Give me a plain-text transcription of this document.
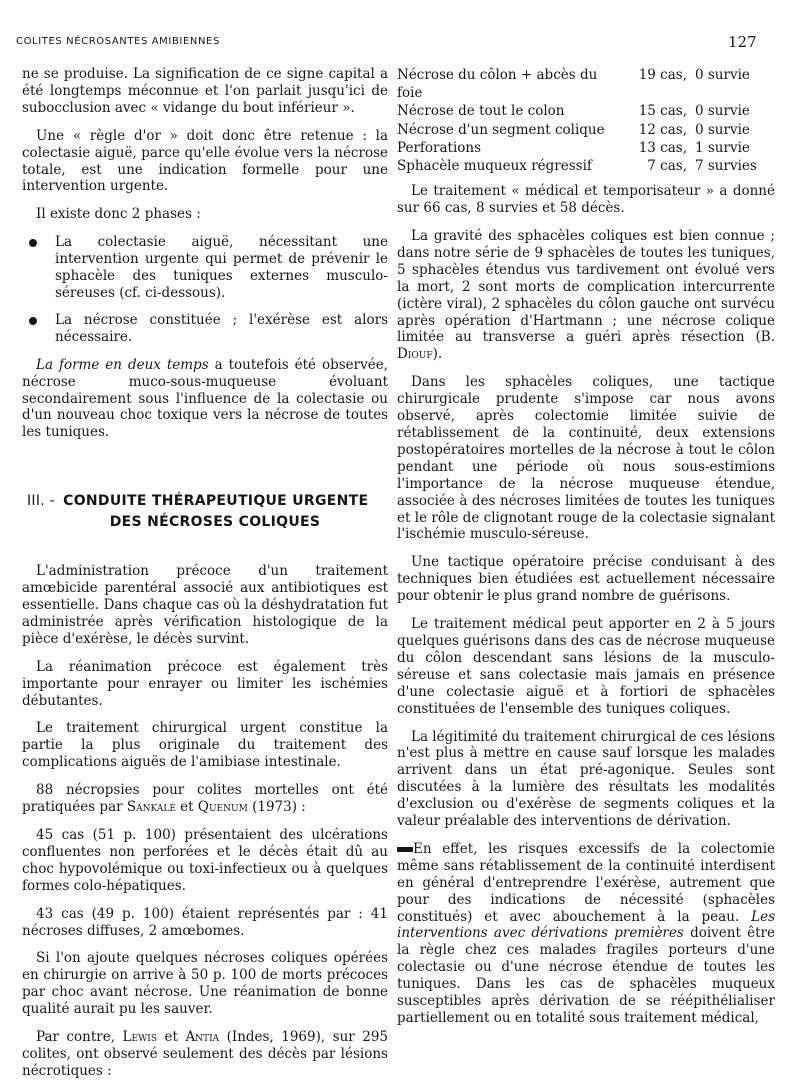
COLITES NÉCROSANTES AMIBIENNES	127

ne se produise. La signification de ce signe capital a été longtemps méconnue et l'on parlait jusqu'ici de subocclusion avec « vidange du bout inférieur ».

Une « règle d'or » doit donc être retenue : la colectasie aiguë, parce qu'elle évolue vers la nécrose totale, est une indication formelle pour une intervention urgente.

Il existe donc 2 phases :

La colectasie aiguë, nécessitant une intervention urgente qui permet de prévenir le sphacèle des tuniques externes musculo-séreuses (cf. ci-dessous).
La nécrose constituée ; l'exérèse est alors nécessaire.

La forme en deux temps a toutefois été observée, nécrose muco-sous-muqueuse évoluant secondairement sous l'influence de la colectasie ou d'un nouveau choc toxique vers la nécrose de toutes les tuniques.

III. - CONDUITE THÉRAPEUTIQUE URGENTE
DES NÉCROSES COLIQUES

L'administration précoce d'un traitement amœbicide parentéral associé aux antibiotiques est essentielle. Dans chaque cas où la déshydratation fut administrée après vérification histologique de la pièce d'exérèse, le décès survint.

La réanimation précoce est également très importante pour enrayer ou limiter les ischémies débutantes.

Le traitement chirurgical urgent constitue la partie la plus originale du traitement des complications aiguës de l'amibiase intestinale.

88 nécropsies pour colites mortelles ont été pratiquées par Sankalé et Quenum (1973) :

45 cas (51 p. 100) présentaient des ulcérations confluentes non perforées et le décès était dû au choc hypovolémique ou toxi-infectieux ou à quelques formes colo-hépatiques.

43 cas (49 p. 100) étaient représentés par : 41 nécroses diffuses, 2 amœbomes.

Si l'on ajoute quelques nécroses coliques opérées en chirurgie on arrive à 50 p. 100 de morts précoces par choc avant nécrose. Une réanimation de bonne qualité aurait pu les sauver.

Par contre, Lewis et Antia (Indes, 1969), sur 295 colites, ont observé seulement des décès par lésions nécrotiques :

Nécrose du côlon + abcès du foie	19 cas,	0 survie
Nécrose de tout le colon	15 cas,	0 survie
Nécrose d'un segment colique	12 cas,	0 survie
Perforations	13 cas,	1 survie
Sphacèle muqueux régressif	7 cas,	7 survies

Le traitement « médical et temporisateur » a donné sur 66 cas, 8 survies et 58 décès.

La gravité des sphacèles coliques est bien connue ; dans notre série de 9 sphacèles de toutes les tuniques, 5 sphacèles étendus vus tardivement ont évolué vers la mort, 2 sont morts de complication intercurrente (ictère viral), 2 sphacèles du côlon gauche ont survécu après opération d'Hartmann ; une nécrose colique limitée au transverse a guéri après résection (B. Diouf).

Dans les sphacèles coliques, une tactique chirurgicale prudente s'impose car nous avons observé, après colectomie limitée suivie de rétablissement de la continuité, deux extensions postopératoires mortelles de la nécrose à tout le côlon pendant une période où nous sous-estimions l'importance de la nécrose muqueuse étendue, associée à des nécroses limitées de toutes les tuniques et le rôle de clignotant rouge de la colectasie signalant l'ischémie musculo-séreuse.

Une tactique opératoire précise conduisant à des techniques bien étudiées est actuellement nécessaire pour obtenir le plus grand nombre de guérisons.

Le traitement médical peut apporter en 2 à 5 jours quelques guérisons dans des cas de nécrose muqueuse du côlon descendant sans lésions de la musculo-séreuse et sans colectasie mais jamais en présence d'une colectasie aiguë et à fortiori de sphacèles constituées de l'ensemble des tuniques coliques.

La légitimité du traitement chirurgical de ces lésions n'est plus à mettre en cause sauf lorsque les malades arrivent dans un état pré-agonique. Seules sont discutées à la lumière des résultats les modalités d'exclusion ou d'exérèse de segments coliques et la valeur préalable des interventions de dérivation.

En effet, les risques excessifs de la colectomie même sans rétablissement de la continuité interdisent en général d'entreprendre l'exérèse, autrement que pour des indications de nécessité (sphacèles constitués) et avec abouchement à la peau. Les interventions avec dérivations premières doivent être la règle chez ces malades fragiles porteurs d'une colectasie ou d'une nécrose étendue de toutes les tuniques. Dans les cas de sphacèles muqueux susceptibles après dérivation de se réépithélialiser partiellement ou en totalité sous traitement médical,
